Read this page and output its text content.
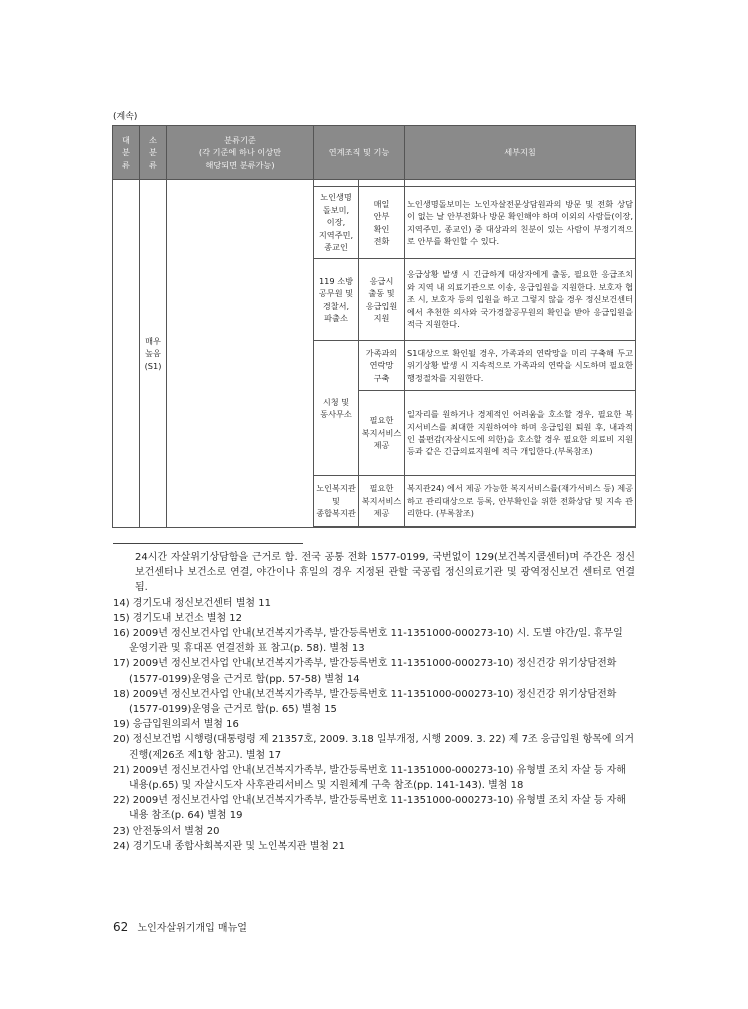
(계속)
대
분
류	소
분
류	분류기준
(각 기준에 하나 이상만
해당되면 분류가능)	연계조직 및 기능		세부지침
	매우
높음
(S1)				
			노인생명
돌보미,
이장,
지역주민,
종교인	매일
안부
확인
전화	노인생명돌보미는 노인자살전문상담원과의 방문 및 전화 상담이 없는 날 안부전화나 방문 확인해야 하며 이외의 사람들(이장, 지역주민, 종교인) 중 대상과의 친분이 있는 사람이 부정기적으로 안부를 확인할 수 있다.
			119 소방
공무원 및
경찰서,
파출소	응급시
출동 및
응급입원
지원	응급상황 발생 시 긴급하게 대상자에게 출동, 필요한 응급조치와 지역 내 의료기관으로 이송, 응급입원을 지원한다. 보호자 협조 시, 보호자 등의 입원을 하고 그렇지 않을 경우 정신보건센터에서 추천한 의사와 국가경찰공무원의 확인을 받아 응급입원을 적극 지원한다.
			시청 및
동사무소	가족과의
연락망
구축	S1대상으로 확인될 경우, 가족과의 연락망을 미리 구축해 두고 위기상황 발생 시 지속적으로 가족과의 연락을 시도하며 필요한 행정절차를 지원한다.
				필요한
복지서비스
제공	일자리를 원하거나 경제적인 어려움을 호소할 경우, 필요한 복지서비스를 최대한 지원하여야 하며 응급입원 퇴원 후, 내과적인 불편감(자살시도에 의한)을 호소할 경우 필요한 의료비 지원 등과 같은 긴급의료지원에 적극 개입한다.(부록참조)
			노인복지관
및
종합복지관	필요한
복지서비스
제공	복지관24) 에서 제공 가능한 복지서비스를(재가서비스 등) 제공하고 관리대상으로 등록, 안부확인을 위한 전화상담 및 지속 관리한다. (부록참조)

24시간 자살위기상담함을 근거로 함. 전국 공통 전화 1577-0199, 국번없이 129(보건복지콜센터)며 주간은 정신보건센터나 보건소로 연결, 야간이나 휴일의 경우 지정된 관할 국공립 정신의료기관 및 광역정신보건 센터로 연결됨.

14) 경기도내 정신보건센터 별첨 11

15) 경기도내 보건소 별첨 12

16) 2009년 정신보건사업 안내(보건복지가족부, 발간등록번호 11-1351000-000273-10) 시. 도별 야간/일. 휴무일 운영기관 및 휴대폰 연결전화 표 참고(p. 58). 별첨 13

17) 2009년 정신보건사업 안내(보건복지가족부, 발간등록번호 11-1351000-000273-10) 정신건강 위기상담전화(1577-0199)운영을 근거로 함(pp. 57-58) 별첨 14

18) 2009년 정신보건사업 안내(보건복지가족부, 발간등록번호 11-1351000-000273-10) 정신건강 위기상담전화(1577-0199)운영을 근거로 함(p. 65) 별첨 15

19) 응급입원의뢰서 별첨 16

20) 정신보건법 시행령(대통령령 제 21357호, 2009. 3.18 일부개정, 시행 2009. 3. 22) 제 7조 응급입원 항목에 의거 진행(제26조 제1항 참고). 별첨 17

21) 2009년 정신보건사업 안내(보건복지가족부, 발간등록번호 11-1351000-000273-10) 유형별 조치 자살 등 자해 내용(p.65) 및 자살시도자 사후관리서비스 및 지원체계 구축 참조(pp. 141-143). 별첨 18

22) 2009년 정신보건사업 안내(보건복지가족부, 발간등록번호 11-1351000-000273-10) 유형별 조치 자살 등 자해 내용 참조(p. 64) 별첨 19

23) 안전동의서 별첨 20

24) 경기도내 종합사회복지관 및 노인복지관 별첨 21

62 노인자살위기개입 매뉴얼
